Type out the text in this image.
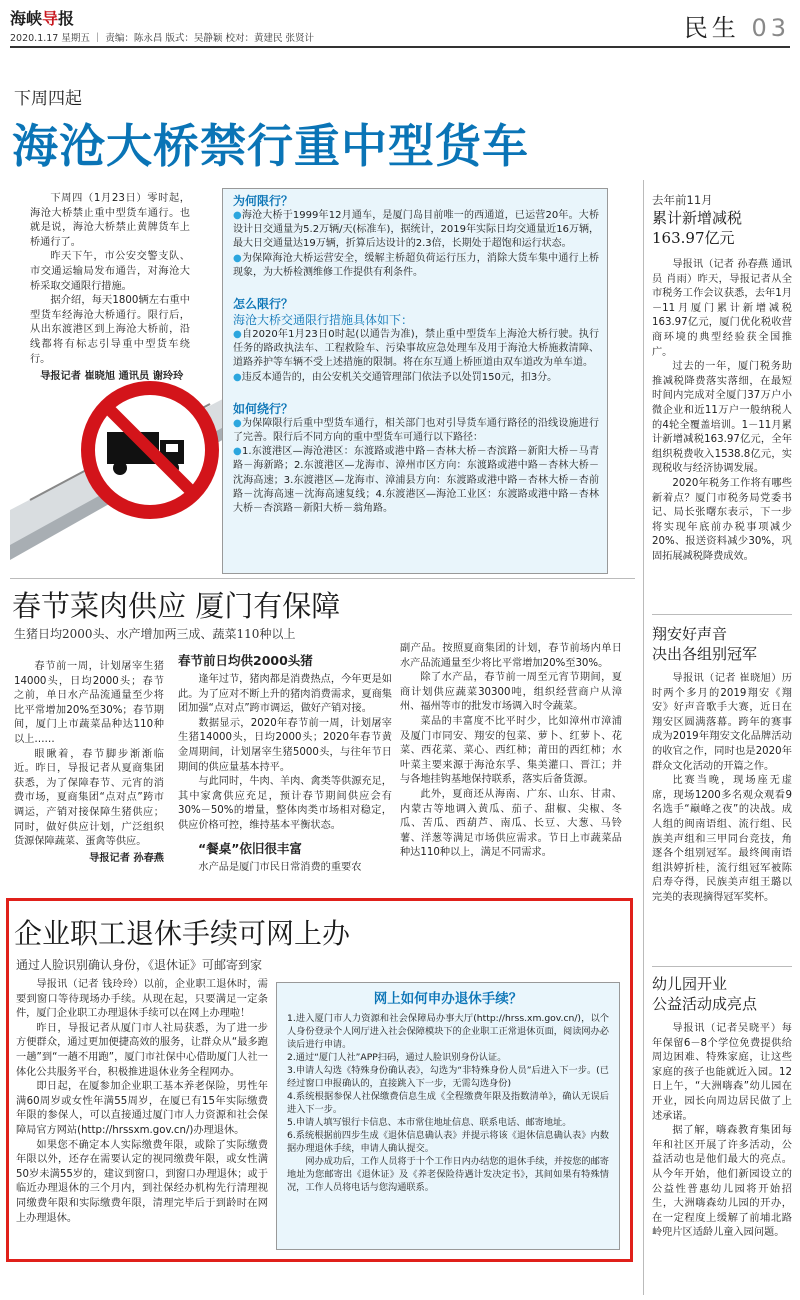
海峡导报
2020.1.17 星期五 ｜ 责编：陈永昌 版式：吴静颖 校对：黄建民 张贤计	民生 03
下周四起
海沧大桥禁行重中型货车

下周四（1月23日）零时起，海沧大桥禁止重中型货车通行。也就是说，海沧大桥禁止黄牌货车上桥通行了。

昨天下午，市公安交警支队、市交通运输局发布通告，对海沧大桥采取交通限行措施。

据介绍，每天1800辆左右重中型货车经海沧大桥通行。限行后，从出东渡港区到上海沧大桥前，沿线都将有标志引导重中型货车绕行。

导报记者 崔晓旭 通讯员 谢玲玲
为何限行？
●海沧大桥于1999年12月通车，是厦门岛目前唯一的西通道，已运营20年。大桥设计日交通量为5.2万辆/天(标准车)，据统计，2019年实际日均交通量近16万辆，最大日交通量达19万辆，折算后达设计的2.3倍，长期处于超饱和运行状态。
●为保障海沧大桥运营安全，缓解主桥超负荷运行压力，消除大货车集中通行上桥现象，为大桥检测维修工作提供有利条件。
怎么限行？
海沧大桥交通限行措施具体如下：
●自2020年1月23日0时起(以通告为准)，禁止重中型货车上海沧大桥行驶。执行任务的路政执法车、工程救险车、污染事故应急处理车及用于海沧大桥施救清障、道路养护等车辆不受上述措施的限制。将在东互通上桥匝道由双车道改为单车道。
●违反本通告的，由公安机关交通管理部门依法予以处罚150元，扣3分。
如何绕行？
●为保障限行后重中型货车通行，相关部门也对引导货车通行路径的沿线设施进行了完善。限行后不同方向的重中型货车可通行以下路径：
●1.东渡港区—海沧港区：东渡路或港中路－杏林大桥－杏滨路－新阳大桥－马青路－海新路；2.东渡港区—龙海市、漳州市区方向：东渡路或港中路－杏林大桥－沈海高速；3.东渡港区—龙海市、漳浦县方向：东渡路或港中路－杏林大桥－杏前路－沈海高速－沈海高速复线；4.东渡港区—海沧工业区：东渡路或港中路－杏林大桥－杏滨路－新阳大桥－翁角路。
去年前11月
累计新增减税163.97亿元

导报讯（记者 孙春燕 通讯员 肖雨）昨天，导报记者从全市税务工作会议获悉，去年1月－11月厦门累计新增减税163.97亿元，厦门优化税收营商环境的典型经验获全国推广。

过去的一年，厦门税务助推减税降费落实落细，在最短时间内完成对全厦门37万户小微企业和近11万户一般纳税人的4轮全覆盖培训。1－11月累计新增减税163.97亿元，全年组织税费收入1538.8亿元，实现税收与经济协调发展。

2020年税务工作将有哪些新着点？厦门市税务局党委书记、局长张曙东表示，下一步将实现年底前办税事项减少20%、报送资料减少30%，巩固拓展减税降费成效。

春节菜肉供应 厦门有保障
生猪日均2000头、水产增加两三成、蔬菜110种以上

春节前一周，计划屠宰生猪14000头，日均2000头；春节之前，单日水产品流通量至少将比平常增加20%至30%；春节期间，厦门上市蔬菜品种达110种以上……

眼瞅着，春节脚步渐渐临近。昨日，导报记者从夏商集团获悉，为了保障春节、元宵的消费市场，夏商集团“点对点”跨市调运，产销对接保障生猪供应；同时，做好供应计划，广泛组织货源保障蔬菜、蛋禽等供应。

导报记者 孙春燕
春节前日均供2000头猪

逢年过节，猪肉都是消费热点，今年更是如此。为了应对不断上升的猪肉消费需求，夏商集团加强“点对点”跨市调运，做好产销对接。

数据显示，2020年春节前一周，计划屠宰生猪14000头，日均2000头；2020年春节黄金周期间，计划屠宰生猪5000头，与往年节日期间的供应量基本持平。

与此同时，牛肉、羊肉、禽类等供源充足，其中家禽供应充足，预计春节期间供应会有30%－50%的增量，整体肉类市场相对稳定，供应价格可控，维持基本平衡状态。

“餐桌”依旧很丰富

水产品是厦门市民日常消费的重要农

副产品。按照夏商集团的计划，春节前场内单日水产品流通量至少将比平常增加20%至30%。

除了水产品，春节前一周至元宵节期间，夏商计划供应蔬菜30300吨，组织经营商户从漳州、福州等市的批发市场调入时令蔬菜。

菜品的丰富度不比平时少，比如漳州市漳浦及厦门市同安、翔安的包菜、萝卜、红萝卜、花菜、西花菜、菜心、西红柿；莆田的西红柿；水叶菜主要来源于海沧东孚、集美灌口、晋江；并与各地挂钩基地保持联系，落实后备货源。

此外，夏商还从海南、广东、山东、甘肃、内蒙古等地调入黄瓜、茄子、甜椒、尖椒、冬瓜、苦瓜、西葫芦、南瓜、长豆、大葱、马铃薯、洋葱等满足市场供应需求。节日上市蔬菜品种达110种以上，满足不同需求。

翔安好声音
决出各组别冠军

导报讯（记者 崔晓旭）历时两个多月的2019翔安《翔安》好声音歌手大赛，近日在翔安区圆满落幕。跨年的赛事成为2019年翔安文化品牌活动的收官之作，同时也是2020年群众文化活动的开篇之作。

比赛当晚，现场座无虚席，现场1200多名观众观看9名选手“巅峰之夜”的决战。成人组的闽南语组、流行组、民族美声组和三甲同台竞技，角逐各个组别冠军。最终闽南语组洪婷折桂，流行组冠军被陈启寿夺得，民族美声组王璐以完美的表现摘得冠军奖杯。

企业职工退休手续可网上办
通过人脸识别确认身份，《退休证》可邮寄到家

导报讯（记者 钱玲玲）以前，企业职工退休时，需要到窗口等待现场办手续。从现在起，只要满足一定条件，厦门企业职工办理退休手续可以在网上办理啦！

昨日，导报记者从厦门市人社局获悉，为了进一步方便群众，通过更加便捷高效的服务，让群众从“最多跑一趟”到“一趟不用跑”，厦门市社保中心借助厦门人社一体化公共服务平台，积极推进退休业务全程网办。

即日起，在厦参加企业职工基本养老保险，男性年满60周岁或女性年满55周岁，在厦已有15年实际缴费年限的参保人，可以直接通过厦门市人力资源和社会保障局官方网站(http://hrssxm.gov.cn/)办理退休。

如果您不确定本人实际缴费年限，或除了实际缴费年限以外，还存在需要认定的视同缴费年限，或女性满50岁未满55岁的，建议到窗口，到窗口办理退休；或于临近办理退休的三个月内，到社保经办机构先行清理视同缴费年限和实际缴费年限，清理完毕后于到龄时在网上办理退休。

网上如何申办退休手续？
1.进入厦门市人力资源和社会保障局办事大厅(http://hrss.xm.gov.cn/)，以个人身份登录个人网厅进入社会保障模块下的企业职工正常退休页面，阅读网办必读后进行申请。
2.通过“厦门人社”APP扫码，通过人脸识别身份认证。
3.申请人勾选《特殊身份确认表》，勾选为“非特殊身份人员”后进入下一步。(已经过窗口申报确认的，直接跳入下一步，无需勾选身份)
4.系统根据参保人社保缴费信息生成《全程缴费年限及指数清单》，确认无误后进入下一步。
5.申请人填写银行卡信息、本市常住地址信息、联系电话、邮寄地址。
6.系统根据前四步生成《退休信息确认表》并提示将该《退休信息确认表》内数据办理退休手续，申请人确认提交。
网办成功后，工作人员将于十个工作日内办结您的退休手续，并按您的邮寄地址为您邮寄出《退休证》及《养老保险待遇计发决定书》，其间如果有特殊情况，工作人员将电话与您沟通联系。
幼儿园开业
公益活动成亮点

导报讯（记者吴晓平）每年保留6－8个学位免费提供给周边困难、特殊家庭，让这些家庭的孩子也能就近入园。12日上午，“大洲嗨森”幼儿园在开业，园长向周边居民做了上述承诺。

据了解，嗨森教育集团每年和社区开展了许多活动，公益活动也是他们最大的亮点。从今年开始，他们新园设立的公益性普惠幼儿园将开始招生，大洲嗨森幼儿园的开办，在一定程度上缓解了前埔北路岭兜片区适龄儿童入园问题。
